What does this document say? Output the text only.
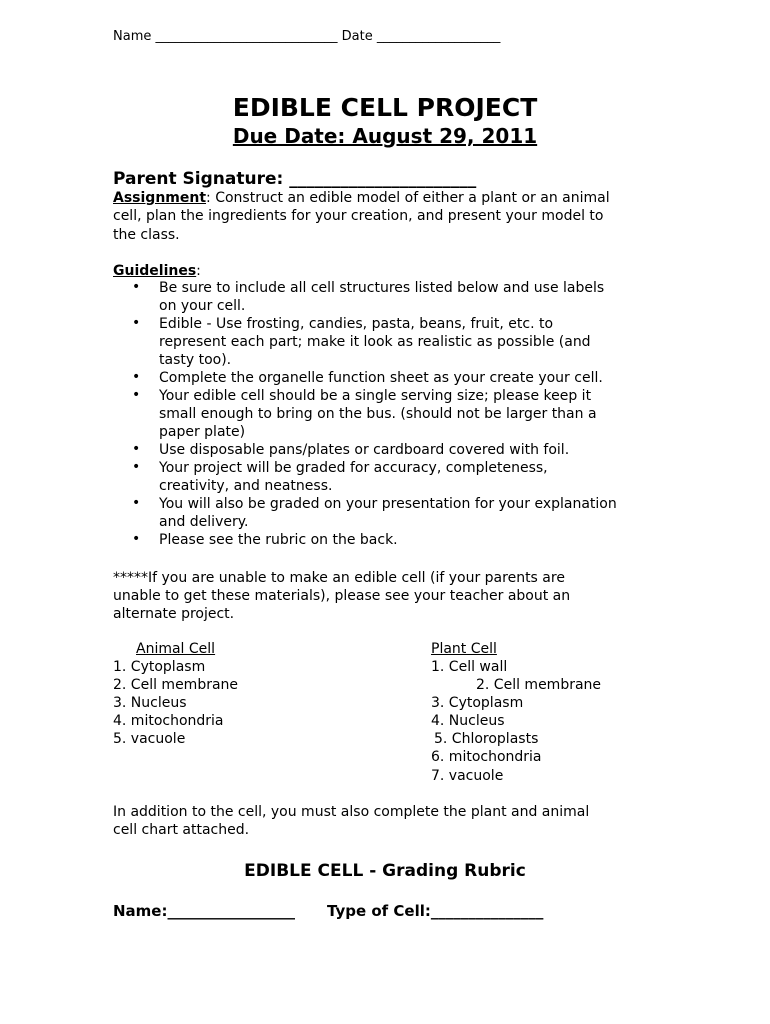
Name ____________________________ Date ___________________
EDIBLE CELL PROJECT
Due Date: August 29, 2011
Parent Signature: ______________________
Assignment: Construct an edible model of either a plant or an animal
cell, plan the ingredients for your creation, and present your model to
the class.
Guidelines:
• Be sure to include all cell structures listed below and use labels
on your cell.
• Edible - Use frosting, candies, pasta, beans, fruit, etc. to
represent each part; make it look as realistic as possible (and
tasty too).
• Complete the organelle function sheet as your create your cell.
• Your edible cell should be a single serving size; please keep it
small enough to bring on the bus. (should not be larger than a
paper plate)
• Use disposable pans/plates or cardboard covered with foil.
• Your project will be graded for accuracy, completeness,
creativity, and neatness.
• You will also be graded on your presentation for your explanation
and delivery.
• Please see the rubric on the back.
*****If you are unable to make an edible cell (if your parents are
unable to get these materials), please see your teacher about an
alternate project.
Animal Cell
1. Cytoplasm
2. Cell membrane
3. Nucleus
4. mitochondria
5. vacuole
Plant Cell
1. Cell wall
2. Cell membrane
3. Cytoplasm
4. Nucleus
5. Chloroplasts
6. mitochondria
7. vacuole
In addition to the cell, you must also complete the plant and animal
cell chart attached.
EDIBLE CELL - Grading Rubric
Name:_________________ Type of Cell:_______________
